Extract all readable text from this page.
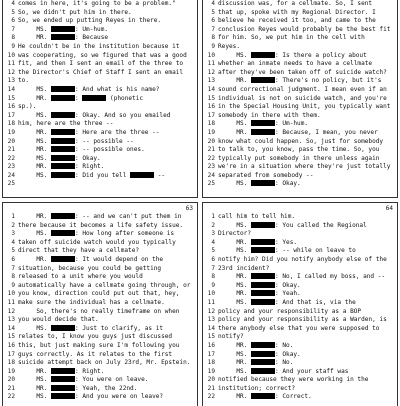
4 comes in here, it's going to be a problem."
5 So, we didn't put him in there.
6 So, we ended up putting Reyes in there.
7     MS.	: Um-hum.
8     MR.	: Because
9 He couldn't be in the institution because it
10 was cooperating, so we figured that was a good
11 fit, and then I sent an email of the three to
12 the Director's Chief of Staff I sent an email
13 to.
14     MS.	: And what is his name?
15     MR.	:	(phonetic
16 sp.).
17     MS.	: Okay. And so you emailed
18 him, here are the three --
19     MR.	: Here are the three --
20     MS.	: -- possible --
21     MR.	: -- possible ones.
22     MS.	: Okay.
23     MR.	: Right.
24     MS.	: Did you tell	--
25
4 discussion was, for a cellmate. So, I sent
5 that up, spoke with my Regional Director. I
6 believe he received it too, and came to the
7 conclusion Reyes would probably be the best fit
8 for him. So, we put him in the cell with
9 Reyes.
10     MS.	: Is there a policy about
11 whether an inmate needs to have a cellmate
12 after they've been taken off of suicide watch?
13     MR.	: There's no policy, but it's
14 sound correctional judgment. I mean even if an
15 individual is not on suicide watch, and you're
16 in the Special Housing Unit, you typically want
17 somebody in there with them.
18     MS.	: Um-hum.
19     MR.	: Because, I mean, you never
20 know what could happen. So, just for somebody
21 to talk to, you know, pass the time. So, you
22 typically put somebody in there unless again
23 we're in a situation where they're just totally
24 separated from somebody --
25     MS.	: Okay.
63
1     MR.	: -- and we can't put them in
2 there because it becomes a life safety issue.
3     MS.	: How long after someone is
4 taken off suicide watch would you typically
5 direct that they have a cellmate?
6     MR.	: It would depend on the
7 situation, because you could be getting
8 released to a unit where you would
9 automatically have a cellmate going through, or
10 you know, direction could put out that, hey,
11 make sure the individual has a cellmate.
12     So, there's no really timeframe on when
13 you would decide that.
14     MS.	: Just to clarify, as it
15 relates to, I know you guys just discussed
16 this, but just making sure I'm following you
17 guys correctly. As it relates to the first
18 suicide attempt back on July 23rd, Mr. Epstein.
19     MR.	: Right.
20     MS.	: You were on leave.
21     MR.	: Yeah, the 22nd.
22     MS.	: And you were on leave?
64
1 call him to tell him.
2     MS.	: You called the Regional
3 Director?
4     MR.	: Yes.
5     MS.	: -- while on leave to
6 notify him? Did you notify anybody else of the
7 23rd incident?
8     MR.	: No, I called my boss, and --
9     MS.	: Okay.
10     MR.	: Yeah.
11     MS.	: And that is, via the
12 policy and your responsibility as a BOP
13 policy and your responsibility as a Warden, is
14 there anybody else that you were supposed to
15 notify?
16     MR.	: No.
17     MS.	: Okay.
18     MR.	: No.
19     MS.	: And your staff was
20 notified because they were working in the
21 institution; correct?
22     MR.	: Correct.
